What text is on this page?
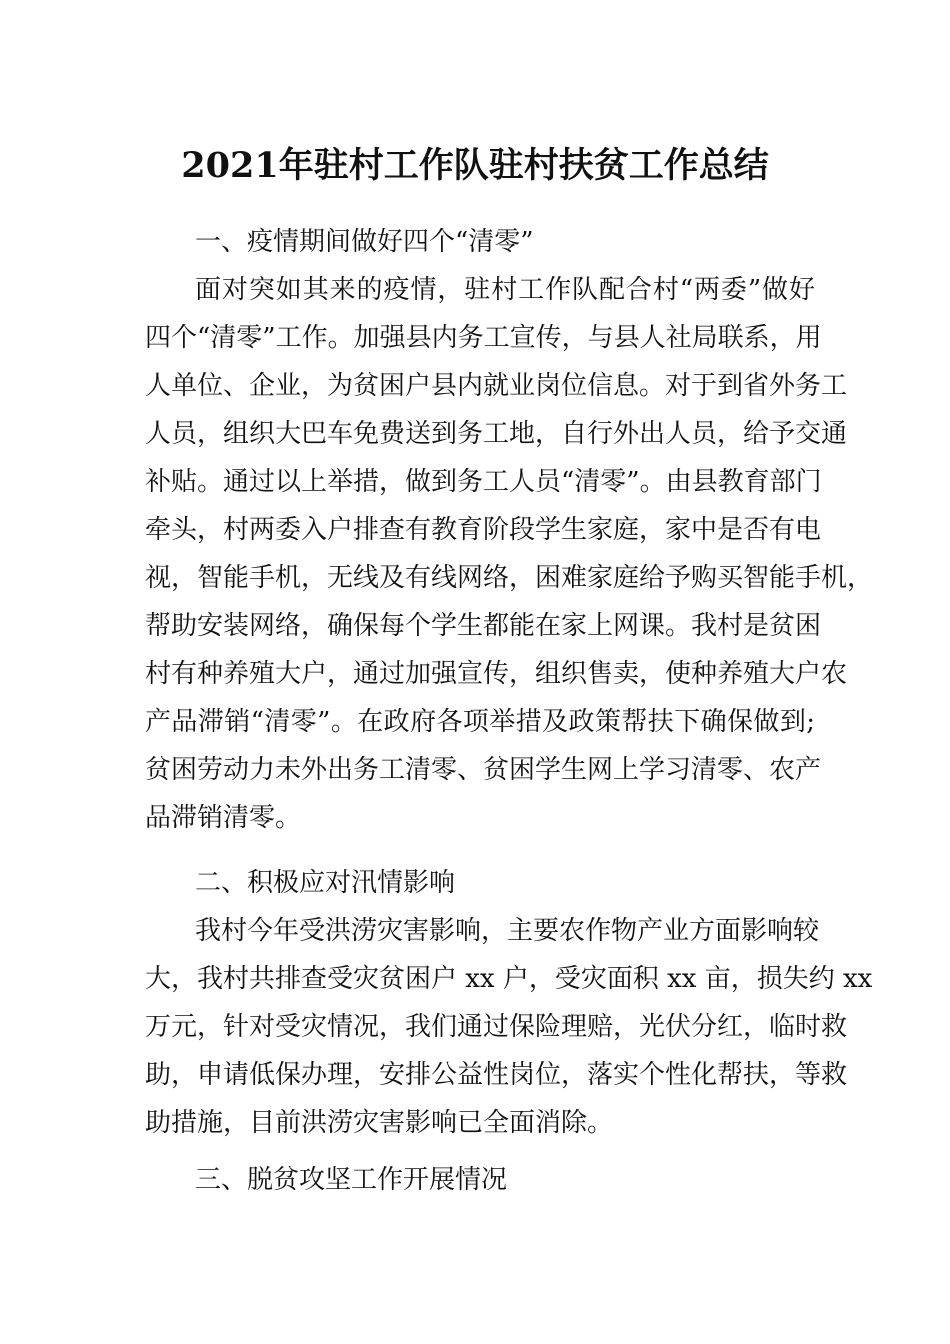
2021年驻村工作队驻村扶贫工作总结

一、疫情期间做好四个“清零”

面对突如其来的疫情，驻村工作队配合村“两委”做好

四个“清零”工作。加强县内务工宣传，与县人社局联系，用

人单位、企业，为贫困户县内就业岗位信息。对于到省外务工

人员，组织大巴车免费送到务工地，自行外出人员，给予交通

补贴。通过以上举措，做到务工人员“清零”。由县教育部门

牵头，村两委入户排查有教育阶段学生家庭，家中是否有电

视，智能手机，无线及有线网络，困难家庭给予购买智能手机，

帮助安装网络，确保每个学生都能在家上网课。我村是贫困

村有种养殖大户，通过加强宣传，组织售卖，使种养殖大户农

产品滞销“清零”。在政府各项举措及政策帮扶下确保做到;

贫困劳动力未外出务工清零、贫困学生网上学习清零、农产

品滞销清零。

二、积极应对汛情影响

我村今年受洪涝灾害影响，主要农作物产业方面影响较

大，我村共排查受灾贫困户 xx 户，受灾面积 xx 亩，损失约 xx

万元，针对受灾情况，我们通过保险理赔，光伏分红，临时救

助，申请低保办理，安排公益性岗位，落实个性化帮扶，等救

助措施，目前洪涝灾害影响已全面消除。

三、脱贫攻坚工作开展情况
